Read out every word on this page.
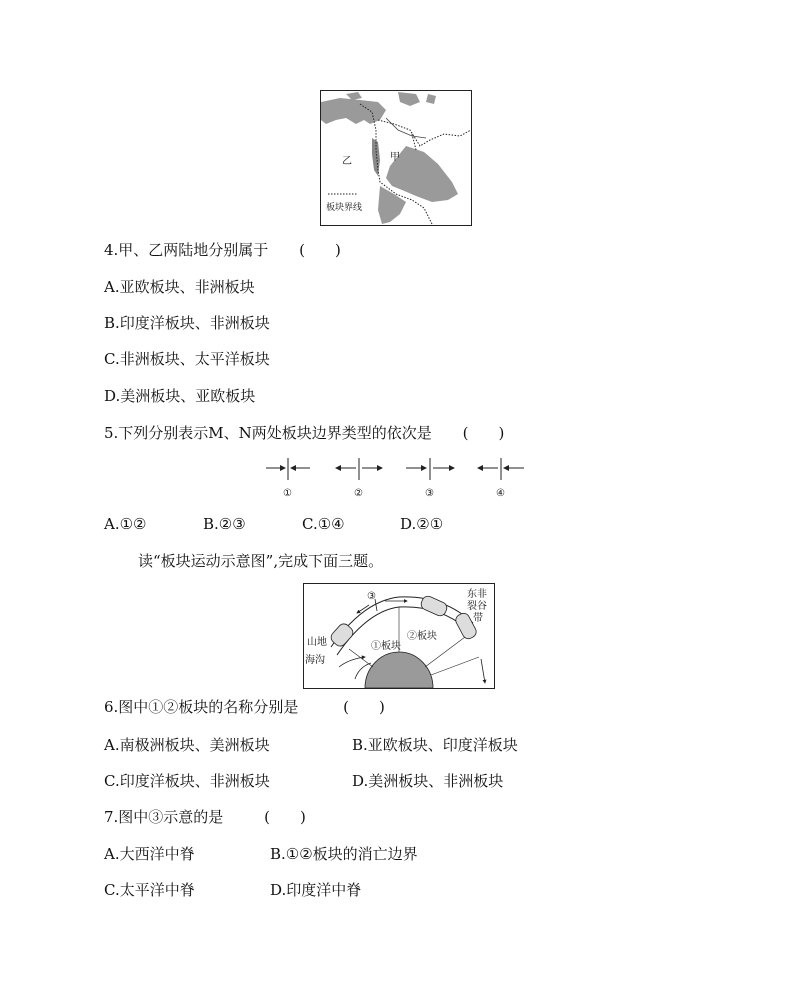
乙	甲
板块界线
4.甲、乙两陆地分别属于 (　　)
A.亚欧板块、非洲板块
B.印度洋板块、非洲板块
C.非洲板块、太平洋板块
D.美洲板块、亚欧板块
5.下列分别表示M、N两处板块边界类型的依次是 (　　)
①	②	③	④
A.①②	B.②③	C.①④	D.②①
读“板块运动示意图”,完成下面三题。
③
①板块
②板块
山地
海沟
东非
裂谷
带
6.图中①②板块的名称分别是	(　　)
A.南极洲板块、美洲板块	B.亚欧板块、印度洋板块
C.印度洋板块、非洲板块	D.美洲板块、非洲板块
7.图中③示意的是	(　　)
A.大西洋中脊	B.①②板块的消亡边界
C.太平洋中脊	D.印度洋中脊
